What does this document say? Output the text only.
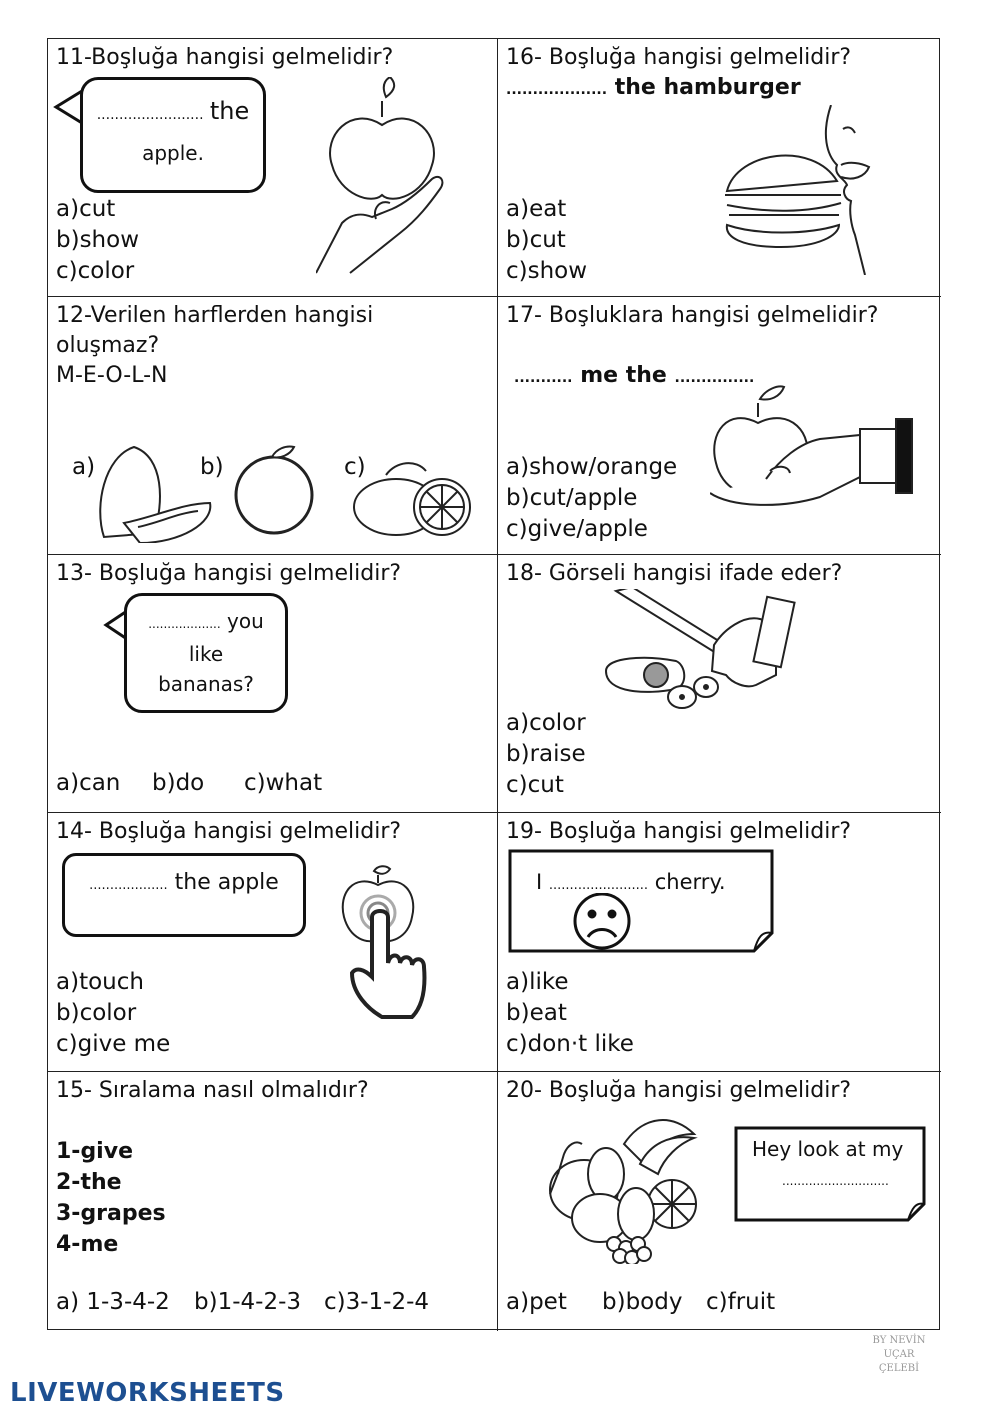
11-Boşluğa hangisi gelmelidir?
........................ the
apple.
a)cut
b)show
c)color
16- Boşluğa hangisi gelmelidir?
................... the hamburger
a)eat
b)cut
c)show
12-Verilen harflerden hangisi
oluşmaz?
M-E-O-L-N
a)	b)	c)
17- Boşluklara hangisi gelmelidir?
........... me the ...............
a)show/orange
b)cut/apple
c)give/apple
13- Boşluğa hangisi gelmelidir?
................... you
like
bananas?
a)can b)do c)what
18- Görseli hangisi ifade eder?
a)color
b)raise
c)cut
14- Boşluğa hangisi gelmelidir?
................... the apple
a)touch
b)color
c)give me
19- Boşluğa hangisi gelmelidir?
I ........................ cherry.
a)like
b)eat
c)don·t like
15- Sıralama nasıl olmalıdır?
1-give
2-the
3-grapes
4-me
a) 1-3-4-2 b)1-4-2-3 c)3-1-2-4
20- Boşluğa hangisi gelmelidir?
Hey look at my
............................
a)pet b)body c)fruit
BY NEVİN UÇAR ÇELEBİ
LIVEWORKSHEETS
